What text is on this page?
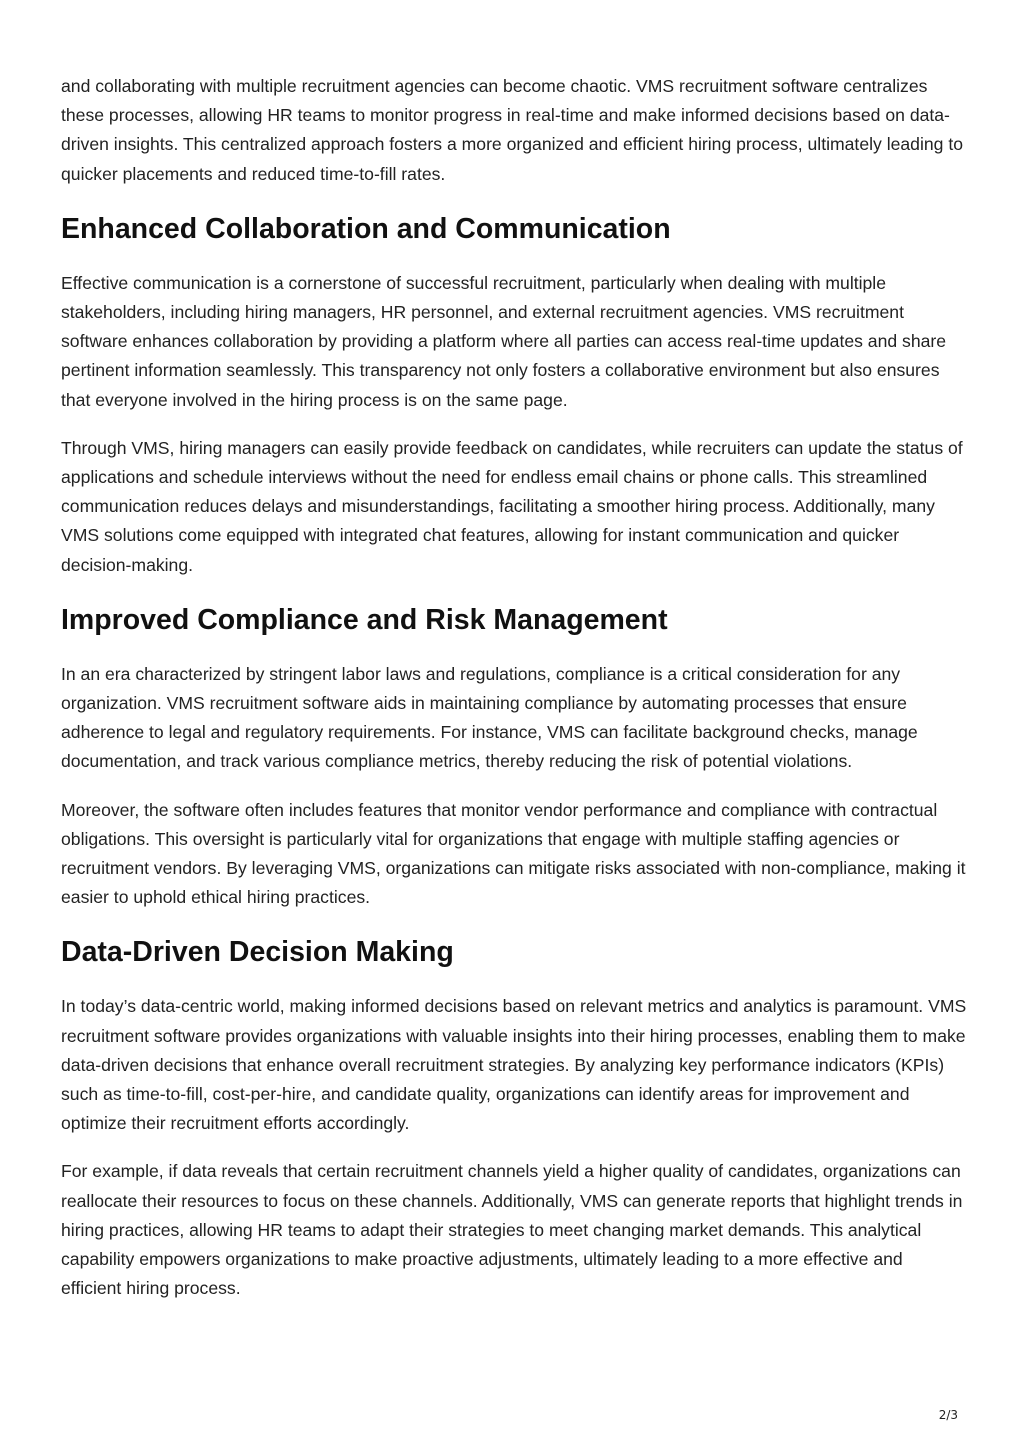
and collaborating with multiple recruitment agencies can become chaotic. VMS recruitment software centralizes these processes, allowing HR teams to monitor progress in real-time and make informed decisions based on data-driven insights. This centralized approach fosters a more organized and efficient hiring process, ultimately leading to quicker placements and reduced time-to-fill rates.

Enhanced Collaboration and Communication

Effective communication is a cornerstone of successful recruitment, particularly when dealing with multiple stakeholders, including hiring managers, HR personnel, and external recruitment agencies. VMS recruitment software enhances collaboration by providing a platform where all parties can access real-time updates and share pertinent information seamlessly. This transparency not only fosters a collaborative environment but also ensures that everyone involved in the hiring process is on the same page.

Through VMS, hiring managers can easily provide feedback on candidates, while recruiters can update the status of applications and schedule interviews without the need for endless email chains or phone calls. This streamlined communication reduces delays and misunderstandings, facilitating a smoother hiring process. Additionally, many VMS solutions come equipped with integrated chat features, allowing for instant communication and quicker decision-making.

Improved Compliance and Risk Management

In an era characterized by stringent labor laws and regulations, compliance is a critical consideration for any organization. VMS recruitment software aids in maintaining compliance by automating processes that ensure adherence to legal and regulatory requirements. For instance, VMS can facilitate background checks, manage documentation, and track various compliance metrics, thereby reducing the risk of potential violations.

Moreover, the software often includes features that monitor vendor performance and compliance with contractual obligations. This oversight is particularly vital for organizations that engage with multiple staffing agencies or recruitment vendors. By leveraging VMS, organizations can mitigate risks associated with non-compliance, making it easier to uphold ethical hiring practices.

Data-Driven Decision Making

In today’s data-centric world, making informed decisions based on relevant metrics and analytics is paramount. VMS recruitment software provides organizations with valuable insights into their hiring processes, enabling them to make data-driven decisions that enhance overall recruitment strategies. By analyzing key performance indicators (KPIs) such as time-to-fill, cost-per-hire, and candidate quality, organizations can identify areas for improvement and optimize their recruitment efforts accordingly.

For example, if data reveals that certain recruitment channels yield a higher quality of candidates, organizations can reallocate their resources to focus on these channels. Additionally, VMS can generate reports that highlight trends in hiring practices, allowing HR teams to adapt their strategies to meet changing market demands. This analytical capability empowers organizations to make proactive adjustments, ultimately leading to a more effective and efficient hiring process.

2/3
